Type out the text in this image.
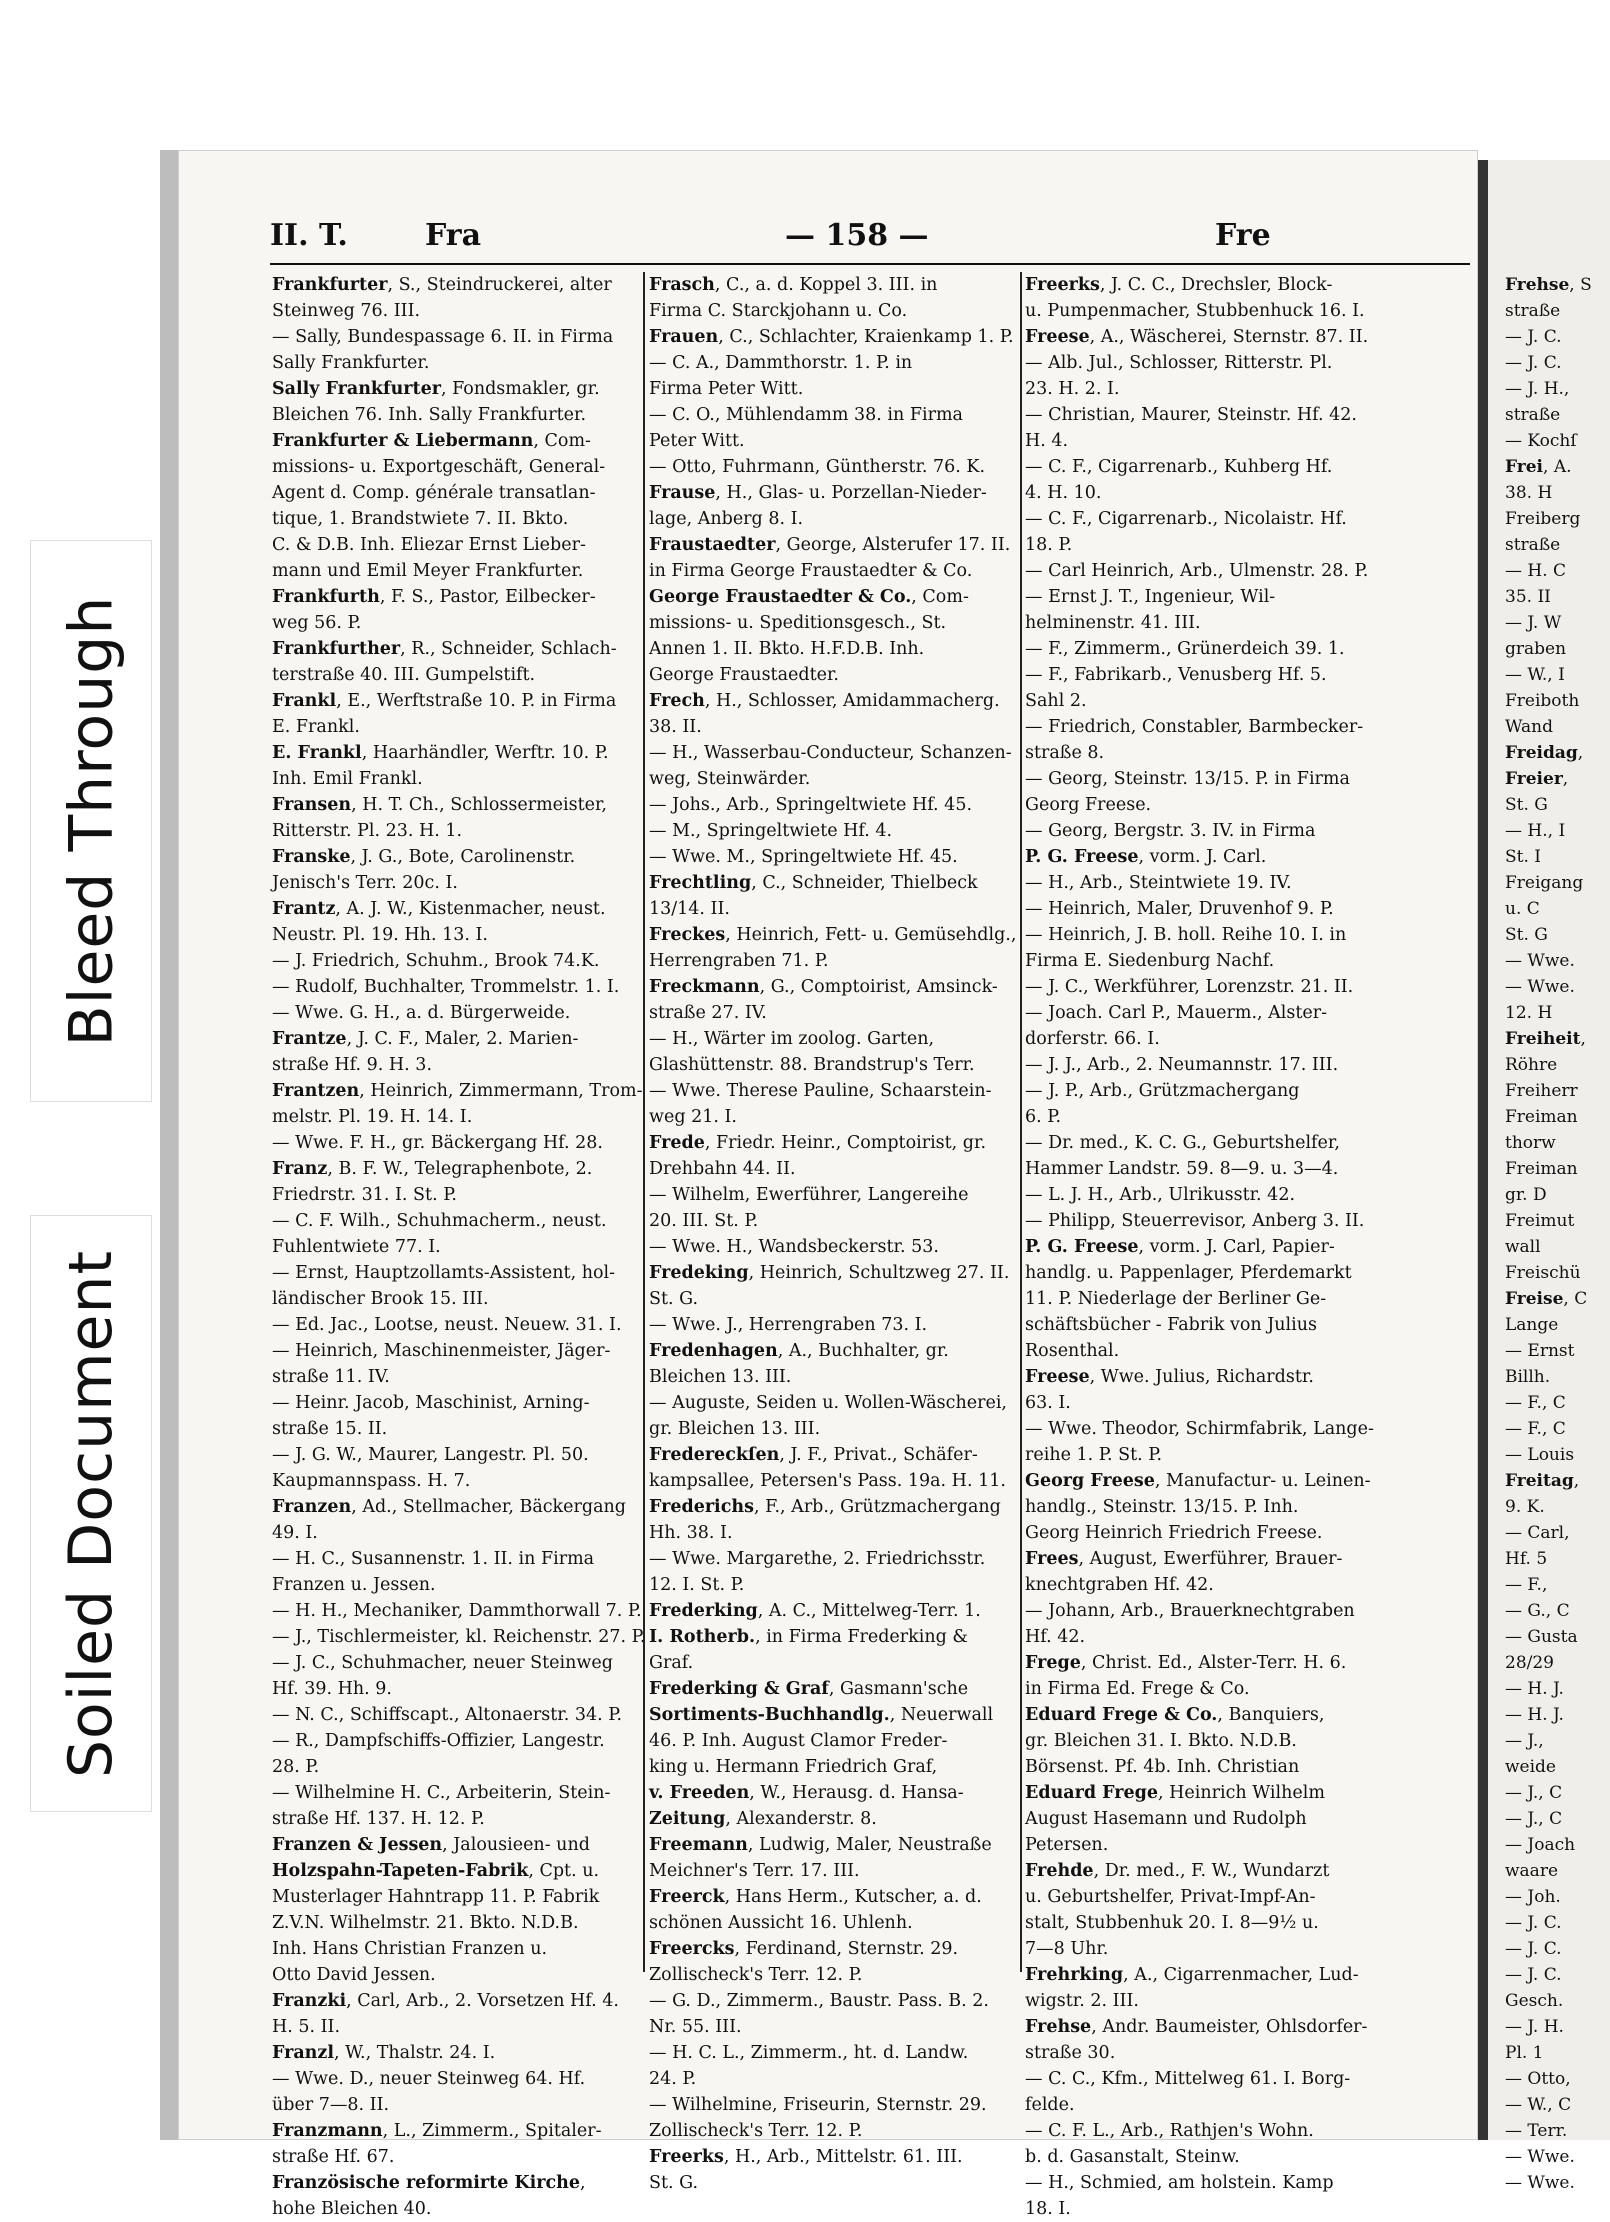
Bleed Through
Soiled Document
II. T.	Fra	— 158 —	Fre
Frankfurter, S., Steindruckerei, alter
Steinweg 76. III.
— Sally, Bundespassage 6. II. in Firma
Sally Frankfurter.
Sally Frankfurter, Fondsmakler, gr.
Bleichen 76. Inh. Sally Frankfurter.
Frankfurter & Liebermann, Com-
missions- u. Exportgeschäft, General-
Agent d. Comp. générale transatlan-
tique, 1. Brandstwiete 7. II. Bkto.
C. & D.B. Inh. Eliezar Ernst Lieber-
mann und Emil Meyer Frankfurter.
Frankfurth, F. S., Pastor, Eilbecker-
weg 56. P.
Frankfurther, R., Schneider, Schlach-
terstraße 40. III. Gumpelstift.
Frankl, E., Werftstraße 10. P. in Firma
E. Frankl.
E. Frankl, Haarhändler, Werftr. 10. P.
Inh. Emil Frankl.
Fransen, H. T. Ch., Schlossermeister,
Ritterstr. Pl. 23. H. 1.
Franske, J. G., Bote, Carolinenstr.
Jenisch's Terr. 20c. I.
Frantz, A. J. W., Kistenmacher, neust.
Neustr. Pl. 19. Hh. 13. I.
— J. Friedrich, Schuhm., Brook 74.K.
— Rudolf, Buchhalter, Trommelstr. 1. I.
— Wwe. G. H., a. d. Bürgerweide.
Frantze, J. C. F., Maler, 2. Marien-
straße Hf. 9. H. 3.
Frantzen, Heinrich, Zimmermann, Trom-
melstr. Pl. 19. H. 14. I.
— Wwe. F. H., gr. Bäckergang Hf. 28.
Franz, B. F. W., Telegraphenbote, 2.
Friedrstr. 31. I. St. P.
— C. F. Wilh., Schuhmacherm., neust.
Fuhlentwiete 77. I.
— Ernst, Hauptzollamts-Assistent, hol-
ländischer Brook 15. III.
— Ed. Jac., Lootse, neust. Neuew. 31. I.
— Heinrich, Maschinenmeister, Jäger-
straße 11. IV.
— Heinr. Jacob, Maschinist, Arning-
straße 15. II.
— J. G. W., Maurer, Langestr. Pl. 50.
Kaupmannspass. H. 7.
Franzen, Ad., Stellmacher, Bäckergang
49. I.
— H. C., Susannenstr. 1. II. in Firma
Franzen u. Jessen.
— H. H., Mechaniker, Dammthorwall 7. P.
— J., Tischlermeister, kl. Reichenstr. 27. P.
— J. C., Schuhmacher, neuer Steinweg
Hf. 39. Hh. 9.
— N. C., Schiffscapt., Altonaerstr. 34. P.
— R., Dampfschiffs-Offizier, Langestr.
28. P.
— Wilhelmine H. C., Arbeiterin, Stein-
straße Hf. 137. H. 12. P.
Franzen & Jessen, Jalousieen- und
Holzspahn-Tapeten-Fabrik, Cpt. u.
Musterlager Hahntrapp 11. P. Fabrik
Z.V.N. Wilhelmstr. 21. Bkto. N.D.B.
Inh. Hans Christian Franzen u.
Otto David Jessen.
Franzki, Carl, Arb., 2. Vorsetzen Hf. 4.
H. 5. II.
Franzl, W., Thalstr. 24. I.
— Wwe. D., neuer Steinweg 64. Hf.
über 7—8. II.
Franzmann, L., Zimmerm., Spitaler-
straße Hf. 67.
Französische reformirte Kirche,
hohe Bleichen 40.
Frasch, C., a. d. Koppel 3. III. in
Firma C. Starckjohann u. Co.
Frauen, C., Schlachter, Kraienkamp 1. P.
— C. A., Dammthorstr. 1. P. in
Firma Peter Witt.
— C. O., Mühlendamm 38. in Firma
Peter Witt.
— Otto, Fuhrmann, Güntherstr. 76. K.
Frause, H., Glas- u. Porzellan-Nieder-
lage, Anberg 8. I.
Fraustaedter, George, Alsterufer 17. II.
in Firma George Fraustaedter & Co.
George Fraustaedter & Co., Com-
missions- u. Speditionsgesch., St.
Annen 1. II. Bkto. H.F.D.B. Inh.
George Fraustaedter.
Frech, H., Schlosser, Amidammacherg.
38. II.
— H., Wasserbau-Conducteur, Schanzen-
weg, Steinwärder.
— Johs., Arb., Springeltwiete Hf. 45.
— M., Springeltwiete Hf. 4.
— Wwe. M., Springeltwiete Hf. 45.
Frechtling, C., Schneider, Thielbeck
13/14. II.
Freckes, Heinrich, Fett- u. Gemüsehdlg.,
Herrengraben 71. P.
Freckmann, G., Comptoirist, Amsinck-
straße 27. IV.
— H., Wärter im zoolog. Garten,
Glashüttenstr. 88. Brandstrup's Terr.
— Wwe. Therese Pauline, Schaarstein-
weg 21. I.
Frede, Friedr. Heinr., Comptoirist, gr.
Drehbahn 44. II.
— Wilhelm, Ewerführer, Langereihe
20. III. St. P.
— Wwe. H., Wandsbeckerstr. 53.
Fredeking, Heinrich, Schultzweg 27. II.
St. G.
— Wwe. J., Herrengraben 73. I.
Fredenhagen, A., Buchhalter, gr.
Bleichen 13. III.
— Auguste, Seiden u. Wollen-Wäscherei,
gr. Bleichen 13. III.
Fredereckſen, J. F., Privat., Schäfer-
kampsallee, Petersen's Pass. 19a. H. 11.
Frederichs, F., Arb., Grützmachergang
Hh. 38. I.
— Wwe. Margarethe, 2. Friedrichsstr.
12. I. St. P.
Frederking, A. C., Mittelweg-Terr. 1.
I. Rotherb., in Firma Frederking &
Graf.
Frederking & Graf, Gasmann'sche
Sortiments-Buchhandlg., Neuerwall
46. P. Inh. August Clamor Freder-
king u. Hermann Friedrich Graf,
v. Freeden, W., Herausg. d. Hansa-
Zeitung, Alexanderstr. 8.
Freemann, Ludwig, Maler, Neustraße
Meichner's Terr. 17. III.
Freerck, Hans Herm., Kutscher, a. d.
schönen Aussicht 16. Uhlenh.
Freercks, Ferdinand, Sternstr. 29.
Zollischeck's Terr. 12. P.
— G. D., Zimmerm., Baustr. Pass. B. 2.
Nr. 55. III.
— H. C. L., Zimmerm., ht. d. Landw.
24. P.
— Wilhelmine, Friseurin, Sternstr. 29.
Zollischeck's Terr. 12. P.
Freerks, H., Arb., Mittelstr. 61. III.
St. G.
Freerks, J. C. C., Drechsler, Block-
u. Pumpenmacher, Stubbenhuck 16. I.
Freese, A., Wäscherei, Sternstr. 87. II.
— Alb. Jul., Schlosser, Ritterstr. Pl.
23. H. 2. I.
— Christian, Maurer, Steinstr. Hf. 42.
H. 4.
— C. F., Cigarrenarb., Kuhberg Hf.
4. H. 10.
— C. F., Cigarrenarb., Nicolaistr. Hf.
18. P.
— Carl Heinrich, Arb., Ulmenstr. 28. P.
— Ernst J. T., Ingenieur, Wil-
helminenstr. 41. III.
— F., Zimmerm., Grünerdeich 39. 1.
— F., Fabrikarb., Venusberg Hf. 5.
Sahl 2.
— Friedrich, Constabler, Barmbecker-
straße 8.
— Georg, Steinstr. 13/15. P. in Firma
Georg Freese.
— Georg, Bergstr. 3. IV. in Firma
P. G. Freese, vorm. J. Carl.
— H., Arb., Steintwiete 19. IV.
— Heinrich, Maler, Druvenhof 9. P.
— Heinrich, J. B. holl. Reihe 10. I. in
Firma E. Siedenburg Nachf.
— J. C., Werkführer, Lorenzstr. 21. II.
— Joach. Carl P., Mauerm., Alster-
dorferstr. 66. I.
— J. J., Arb., 2. Neumannstr. 17. III.
— J. P., Arb., Grützmachergang
6. P.
— Dr. med., K. C. G., Geburtshelfer,
Hammer Landstr. 59. 8—9. u. 3—4.
— L. J. H., Arb., Ulrikusstr. 42.
— Philipp, Steuerrevisor, Anberg 3. II.
P. G. Freese, vorm. J. Carl, Papier-
handlg. u. Pappenlager, Pferdemarkt
11. P. Niederlage der Berliner Ge-
schäftsbücher - Fabrik von Julius
Rosenthal.
Freese, Wwe. Julius, Richardstr.
63. I.
— Wwe. Theodor, Schirmfabrik, Lange-
reihe 1. P. St. P.
Georg Freese, Manufactur- u. Leinen-
handlg., Steinstr. 13/15. P. Inh.
Georg Heinrich Friedrich Freese.
Frees, August, Ewerführer, Brauer-
knechtgraben Hf. 42.
— Johann, Arb., Brauerknechtgraben
Hf. 42.
Frege, Christ. Ed., Alster-Terr. H. 6.
in Firma Ed. Frege & Co.
Eduard Frege & Co., Banquiers,
gr. Bleichen 31. I. Bkto. N.D.B.
Börsenst. Pf. 4b. Inh. Christian
Eduard Frege, Heinrich Wilhelm
August Hasemann und Rudolph
Petersen.
Frehde, Dr. med., F. W., Wundarzt
u. Geburtshelfer, Privat-Impf-An-
stalt, Stubbenhuk 20. I. 8—9½ u.
7—8 Uhr.
Frehrking, A., Cigarrenmacher, Lud-
wigstr. 2. III.
Frehse, Andr. Baumeister, Ohlsdorfer-
straße 30.
— C. C., Kfm., Mittelweg 61. I. Borg-
felde.
— C. F. L., Arb., Rathjen's Wohn.
b. d. Gasanstalt, Steinw.
— H., Schmied, am holstein. Kamp
18. I.
Frehse, S
straße
— J. C.
— J. C.
— J. H.,
straße
— Kochſ
Frei, A.
38. H
Freiberg
straße
— H. C
35. II
— J. W
graben
— W., I
Freiboth
Wand
Freidag,
Freier,
St. G
— H., I
St. I
Freigang
u. C
St. G
— Wwe.
— Wwe.
12. H
Freiheit,
Röhre
Freiherr
Freiman
thorw
Freiman
gr. D
Freimut
wall
Freischü
Freise, C
Lange
— Ernst
Billh.
— F., C
— F., C
— Louis
Freitag,
9. K.
— Carl,
Hf. 5
— F.,
— G., C
— Gusta
28/29
— H. J.
— H. J.
— J.,
weide
— J., C
— J., C
— Joach
waare
— Joh.
— J. C.
— J. C.
— J. C.
Gesch.
— J. H.
Pl. 1
— Otto,
— W., C
— Terr.
— Wwe.
— Wwe.
